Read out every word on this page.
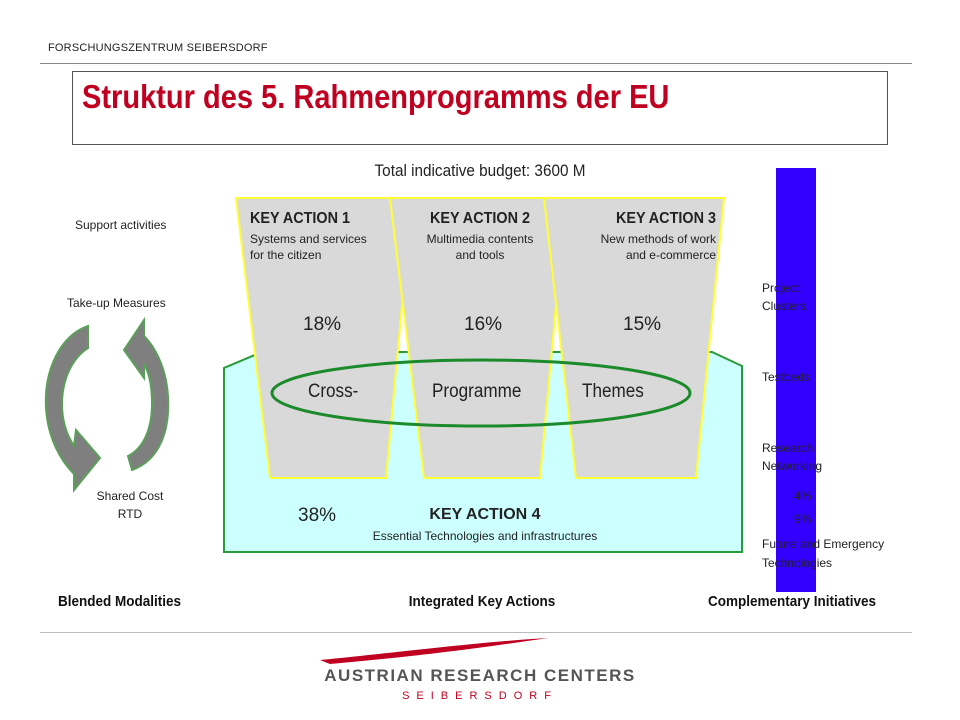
FORSCHUNGSZENTRUM SEIBERSDORF
Struktur des 5. Rahmenprogramms der EU
Total indicative budget: 3600 M
KEY ACTION 1
Systems and services
for the citizen
KEY ACTION 2
Multimedia contents
and tools
KEY ACTION 3
New methods of work
and e-commerce
18%	16%	15%
Cross-	Programme	Themes
38%	KEY ACTION 4
Essential Technologies and infrastructures
Support activities
Take-up Measures
Shared Cost
RTD
Project
Clusters
Testbeds
Research
Networking
4%
9%
Future and Emergency
Technologies
Blended Modalities	Integrated Key Actions	Complementary Initiatives
AUSTRIAN RESEARCH CENTERS
SEIBERSDORF
